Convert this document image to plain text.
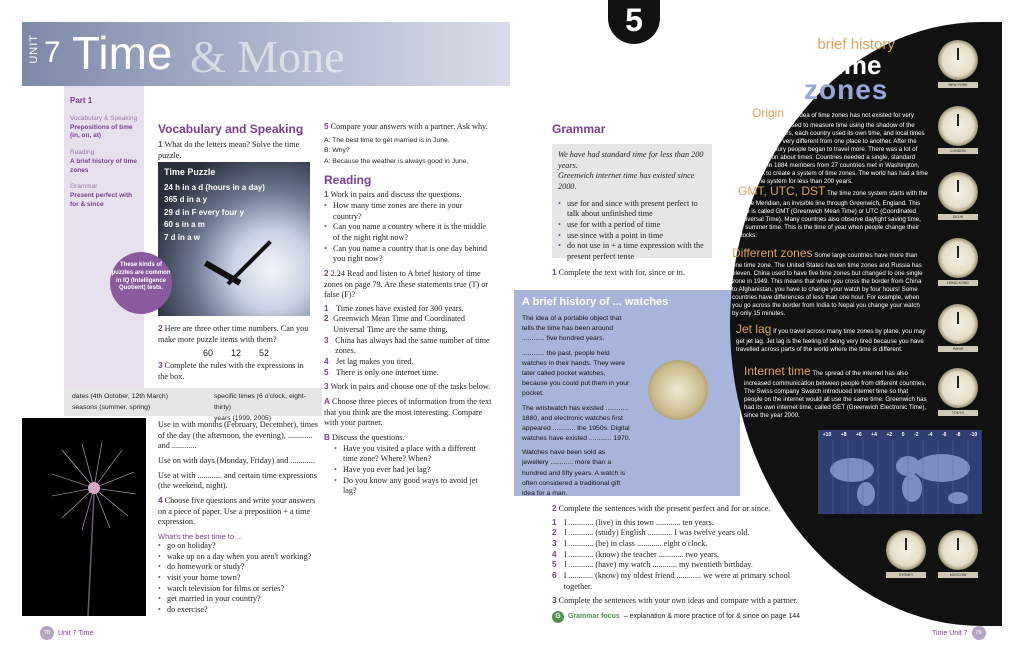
5
UNIT 7 Time & Mone
Part 1
Vocabulary & Speaking
Prepositions of time (in, on, at)
Reading
A brief history of time zones
Grammar
Present perfect with for & since
Vocabulary and Speaking
1 What do the letters mean? Solve the time puzzle.
Time Puzzle
24 h in a d (hours in a day)
365 d in a y
29 d in F every four y
60 s in a m
7 d in a w
These kinds of puzzles are common in IQ (Intelligence Quotient) tests.
2 Here are three other time numbers. Can you make more puzzle items with them?
60 12 52
3 Complete the rules with the expressions in the box.
dates (4th October, 12th March)
seasons (summer, spring)
specific times (6 o'clock, eight-thirty)
years (1999, 2005)
Use in with months (February, December), times of the day (the afternoon, the evening), ............ and ............
Use on with days (Monday, Friday) and ............
Use at with ............ and certain time expressions (the weekend, night).
4 Choose five questions and write your answers on a piece of paper. Use a preposition + a time expression.
What's the best time to ...
• go on holiday?
• wake up on a day when you aren't working?
• do homework or study?
• visit your home town?
• watch television for films or series?
• get married in your country?
• do exercise?
5 Compare your answers with a partner. Ask why.
A: The best time to get married is in June.
B: Why?
A: Because the weather is always good in June.
Reading
1 Work in pairs and discuss the questions.
• How many time zones are there in your country?
• Can you name a country where it is the middle of the night right now?
• Can you name a country that is one day behind you right now?
2 2.24 Read and listen to A brief history of time zones on page 79. Are these statements true (T) or false (F)?
1 Time zones have existed for 300 years.
2 Greenwich Mean Time and Coordinated Universal Time are the same thing.
3 China has always had the same number of time zones.
4 Jet lag makes you tired.
5 There is only one internet time.
3 Work in pairs and choose one of the tasks below.
A Choose three pieces of information from the text that you think are the most interesting. Compare with your partner.
B Discuss the questions.
• Have you visited a place with a different time zone? Where? When?
• Have you ever had jet lag?
• Do you know any good ways to avoid jet lag?
Grammar
We have had standard time for less than 200 years.
Greenwich internet time has existed since 2000.
• use for and since with present perfect to talk about unfinished time
• use for with a period of time
• use since with a point in time
• do not use in + a time expression with the present perfect tense
1 Complete the text with for, since or in.
A brief history of ... watches
The idea of a portable object that tells the time has been around ............ five hundred years.
............ the past, people held watches in their hands. They were later called pocket watches, because you could put them in your pocket.
The wristwatch has existed ............ 1880, and electronic watches first appeared ............ the 1950s. Digital watches have existed ............ 1970.
Watches have been sold as jewellery ............ more than a hundred and fifty years. A watch is often considered a traditional gift idea for a man.
2 Complete the sentences with the present perfect and for or since.
1 I ............ (live) in this town ............ ten years.
2 I ............ (study) English ............ I was twelve years old.
3 I ............ (be) in class ............ eight o'clock.
4 I ............ (know) the teacher ............ two years.
5 I ............ (have) my watch ............ my twentieth birthday.
6 I ............ (know) my oldest friend ............ we were at primary school together.
3 Complete the sentences with your own ideas and compare with a partner.
G	Grammar focus – explanation & more practice of for & since on page 144
A brief history
of time
zones
Origin The idea of time zones has not existed for very long. People used to measure time using the shadow of the sun. For years, each country used its own time, and local times used to be very different from one place to another. After the 19th century people began to travel more. There was a lot of confusion about times. Countries needed a single, standard time. In 1884 members from 27 countries met in Washington, USA to create a system of time zones. The world has had a time zone system for less than 200 years.
GMT, UTC, DST The time zone system starts with the Prime Meridian, an invisible line through Greenwich, England. This time is called GMT (Greenwich Mean Time) or UTC (Coordinated Universal Time). Many countries also observe daylight saving time, or summer time. This is the time of year when people change their clocks.
Different zones Some large countries have more than one time zone. The United States has ten time zones and Russia has eleven. China used to have five time zones but changed to one single zone in 1949. This means that when you cross the border from China to Afghanistan, you have to change your watch by four hours! Some countries have differences of less than one hour. For example, when you go across the border from India to Nepal you change your watch by only 15 minutes.
Jet lag If you travel across many time zones by plane, you may get jet lag. Jet lag is the feeling of being very tired because you have travelled across parts of the world where the time is different.
Internet time The spread of the internet has also increased communication between people from different countries. The Swiss company Swatch introduced internet time so that people on the internet would all use the same time. Greenwich has had its own internet time, called GET (Greenwich Electronic Time), since the year 2000.
NEW YORK
LONDON
DELHI
HONG KONG
PARIS
TOKYO
+10 +8 +6 +4 +2 0 -2 -4 -6 -8 -10
SYDNEY	MOSCOW
78	Unit 7 Time	Time Unit 7	79
